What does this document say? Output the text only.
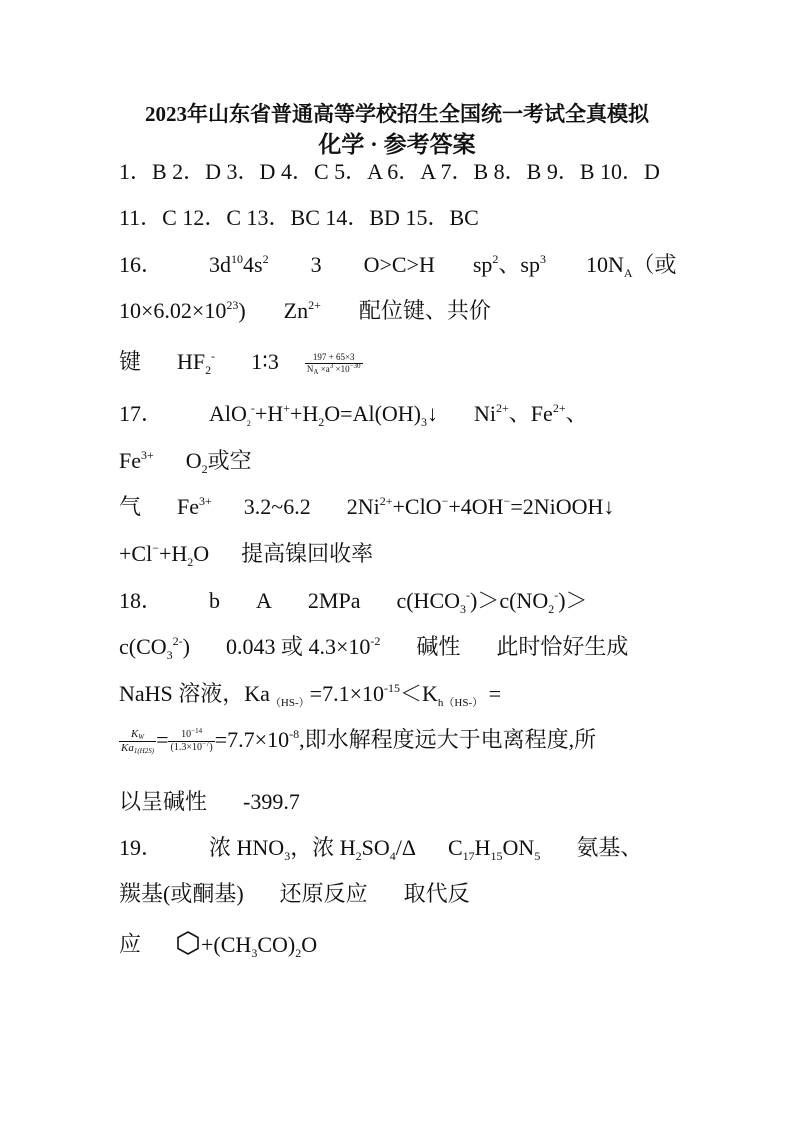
2023年山东省普通高等学校招生全国统一考试全真模拟
化学 · 参考答案
1．B 2．D 3．D 4．C 5．A 6．A 7．B 8．B 9．B 10．D
11．C 12．C 13．BC 14．BD 15．BC
16． $3d^{10}4s^2$ 3 O>C>H $sp^2$、$sp^3$ $10N_A$（或
$10\times 6.02\times 10^{23}$) $Zn^{2+}$ 配位键、共价
键 $HF_2^-$ 1∶3	$\frac{197 + 65\times 3}{N_A \times a^3 \times 10^{-30}}$
17． $AlO_2^-+H^++H_2O=Al(OH)_3↓$ $Ni^{2+}$、$Fe^{2+}$、
$Fe^{3+}$ $O_2$或空
气 $Fe^{3+}$ 3.2~6.2 $2Ni^{2+}+ClO^-+4OH^-=2NiOOH↓$
$+Cl^-+H_2O$ 提高镍回收率
18． b A 2MPa $c(HCO_3^-)>c(NO_2^-)>$
$c(CO_3^{2-})$ 0.043 或 $4.3\times 10^{-2}$ 碱性 此时恰好生成
NaHS 溶液，$Ka_{(HS-)}=7.1\times 10^{-15}<K_{h(HS-)}$ =
$\frac{K_W}{Ka_{1(H2S)}} = \frac{10^{-14}}{(1.3\times 10^{-7})} =7.7\times 10^{-8}$,即水解程度远大于电离程度,所
以呈碱性 -399.7
19． 浓 $HNO_3$，浓 $H_2SO_4/\Delta$ $C_{17}H_{15}ON_5$ 氨基、
羰基(或酮基) 还原反应 取代反
应	$+(CH_3CO)_2O$
